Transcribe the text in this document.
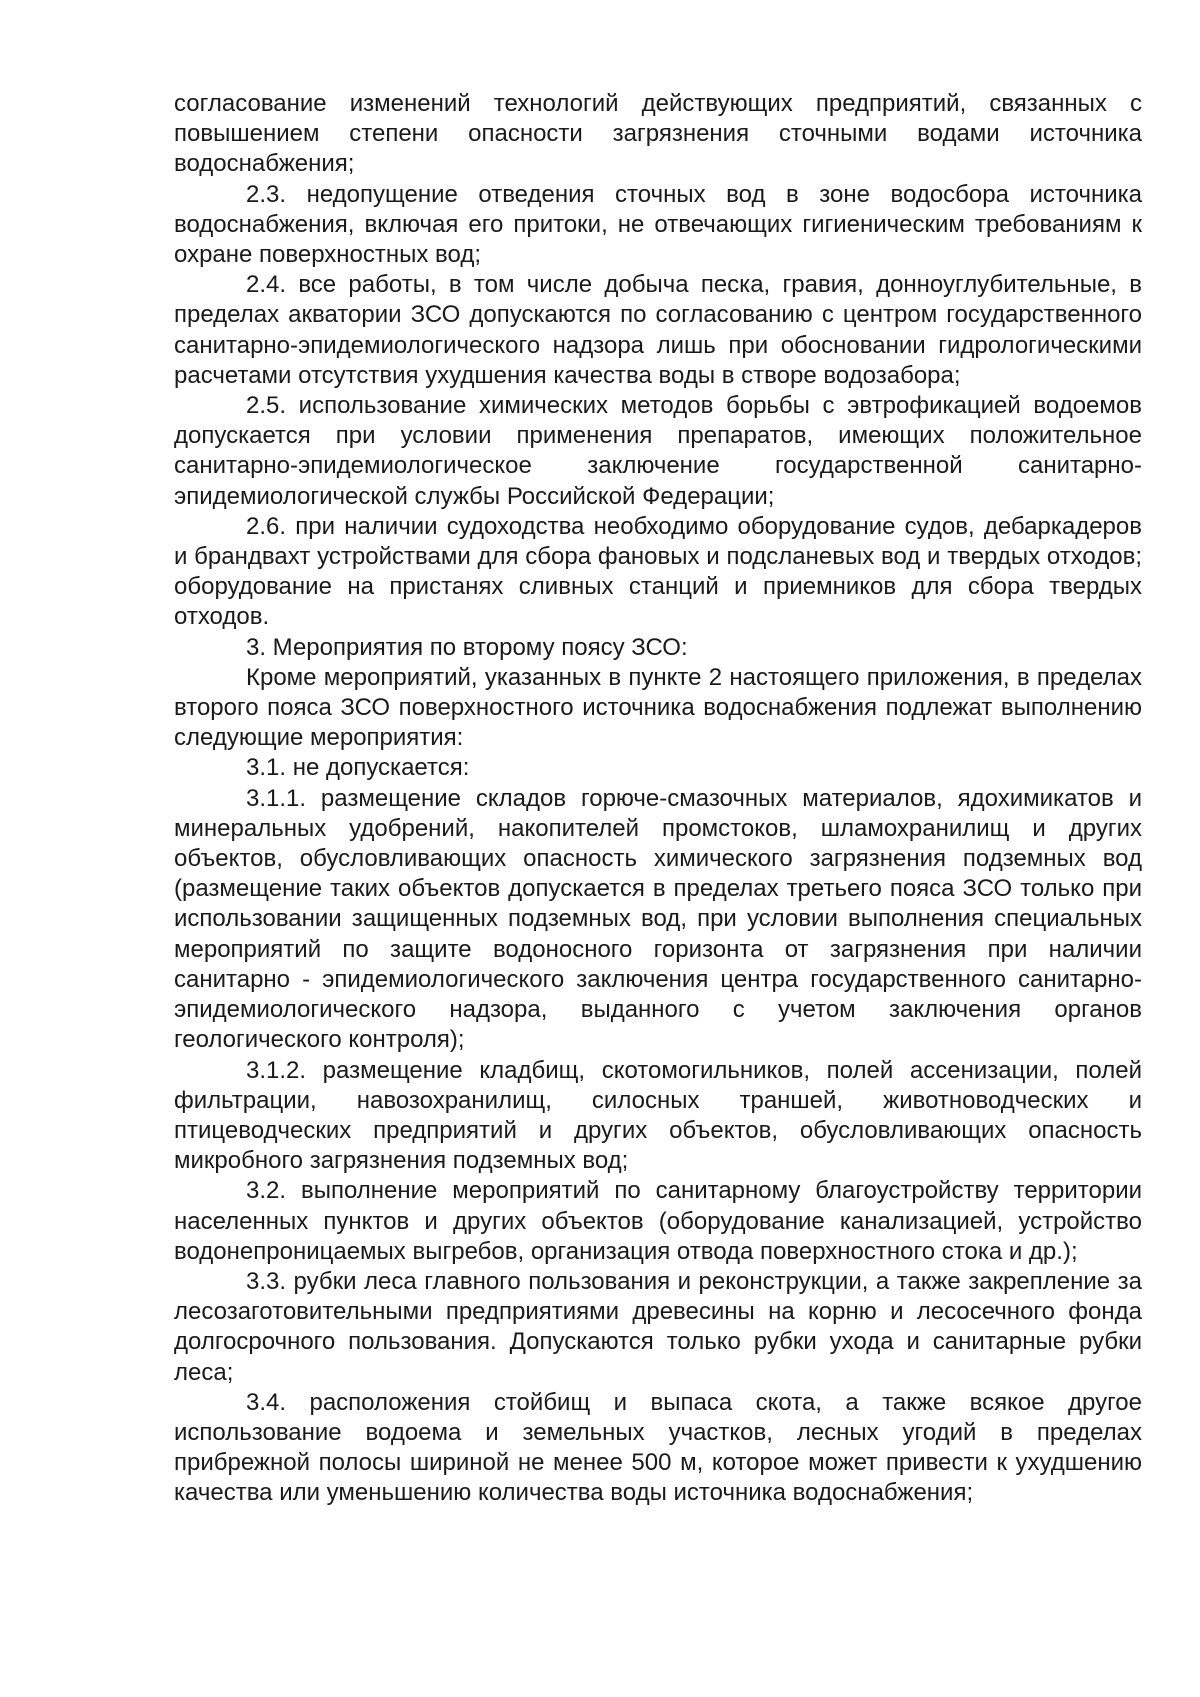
согласование изменений технологий действующих предприятий, связанных с повышением степени опасности загрязнения сточными водами источника водоснабжения;

2.3. недопущение отведения сточных вод в зоне водосбора источника водоснабжения, включая его притоки, не отвечающих гигиеническим требованиям к охране поверхностных вод;

2.4. все работы, в том числе добыча песка, гравия, донноуглубительные, в пределах акватории ЗСО допускаются по согласованию с центром государственного санитарно-эпидемиологического надзора лишь при обосновании гидрологическими расчетами отсутствия ухудшения качества воды в створе водозабора;

2.5. использование химических методов борьбы с эвтрофикацией водоемов допускается при условии применения препаратов, имеющих положительное санитарно-эпидемиологическое заключение государственной санитарно-эпидемиологической службы Российской Федерации;

2.6. при наличии судоходства необходимо оборудование судов, дебаркадеров и брандвахт устройствами для сбора фановых и подсланевых вод и твердых отходов; оборудование на пристанях сливных станций и приемников для сбора твердых отходов.

3. Мероприятия по второму поясу ЗСО:

Кроме мероприятий, указанных в пункте 2 настоящего приложения, в пределах второго пояса ЗСО поверхностного источника водоснабжения подлежат выполнению следующие мероприятия:

3.1. не допускается:

3.1.1. размещение складов горюче-смазочных материалов, ядохимикатов и минеральных удобрений, накопителей промстоков, шламохранилищ и других объектов, обусловливающих опасность химического загрязнения подземных вод (размещение таких объектов допускается в пределах третьего пояса ЗСО только при использовании защищенных подземных вод, при условии выполнения специальных мероприятий по защите водоносного горизонта от загрязнения при наличии санитарно - эпидемиологического заключения центра государственного санитарно-эпидемиологического надзора, выданного с учетом заключения органов геологического контроля);

3.1.2. размещение кладбищ, скотомогильников, полей ассенизации, полей фильтрации, навозохранилищ, силосных траншей, животноводческих и птицеводческих предприятий и других объектов, обусловливающих опасность микробного загрязнения подземных вод;

3.2. выполнение мероприятий по санитарному благоустройству территории населенных пунктов и других объектов (оборудование канализацией, устройство водонепроницаемых выгребов, организация отвода поверхностного стока и др.);

3.3. рубки леса главного пользования и реконструкции, а также закрепление за лесозаготовительными предприятиями древесины на корню и лесосечного фонда долгосрочного пользования. Допускаются только рубки ухода и санитарные рубки леса;

3.4. расположения стойбищ и выпаса скота, а также всякое другое использование водоема и земельных участков, лесных угодий в пределах прибрежной полосы шириной не менее 500 м, которое может привести к ухудшению качества или уменьшению количества воды источника водоснабжения;
